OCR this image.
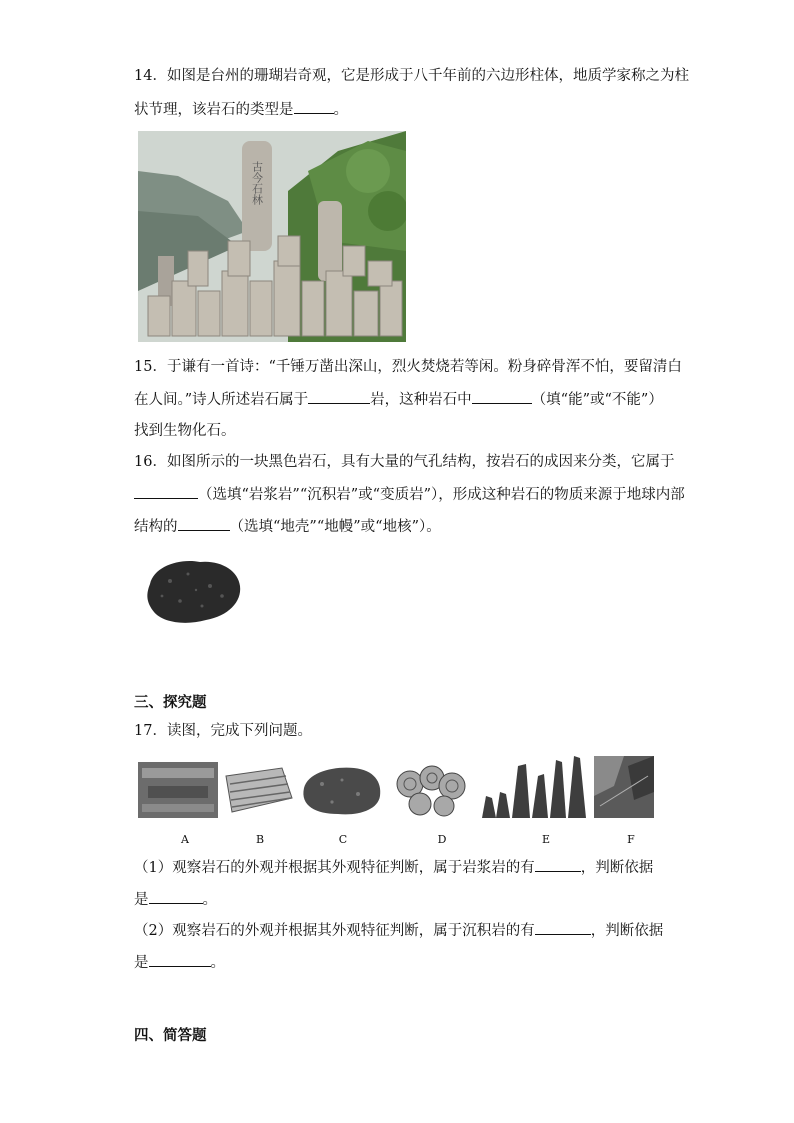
14．如图是台州的珊瑚岩奇观，它是形成于八千年前的六边形柱体，地质学家称之为柱
状节理，该岩石的类型是	。
古今石林
15．于谦有一首诗：“千锤万凿出深山，烈火焚烧若等闲。粉身碎骨浑不怕，要留清白
在人间。”诗人所述岩石属于	岩，这种岩石中	（填“能”或“不能”）
找到生物化石。
16．如图所示的一块黑色岩石，具有大量的气孔结构，按岩石的成因来分类，它属于
（选填“岩浆岩”“沉积岩”或“变质岩”），形成这种岩石的物质来源于地球内部
结构的	（选填“地壳”“地幔”或“地核”）。
三、探究题
17．读图，完成下列问题。
A	B	C	D	E	F
（1）观察岩石的外观并根据其外观特征判断，属于岩浆岩的有	，判断依据
是	。
（2）观察岩石的外观并根据其外观特征判断，属于沉积岩的有	，判断依据
是	。
四、简答题
